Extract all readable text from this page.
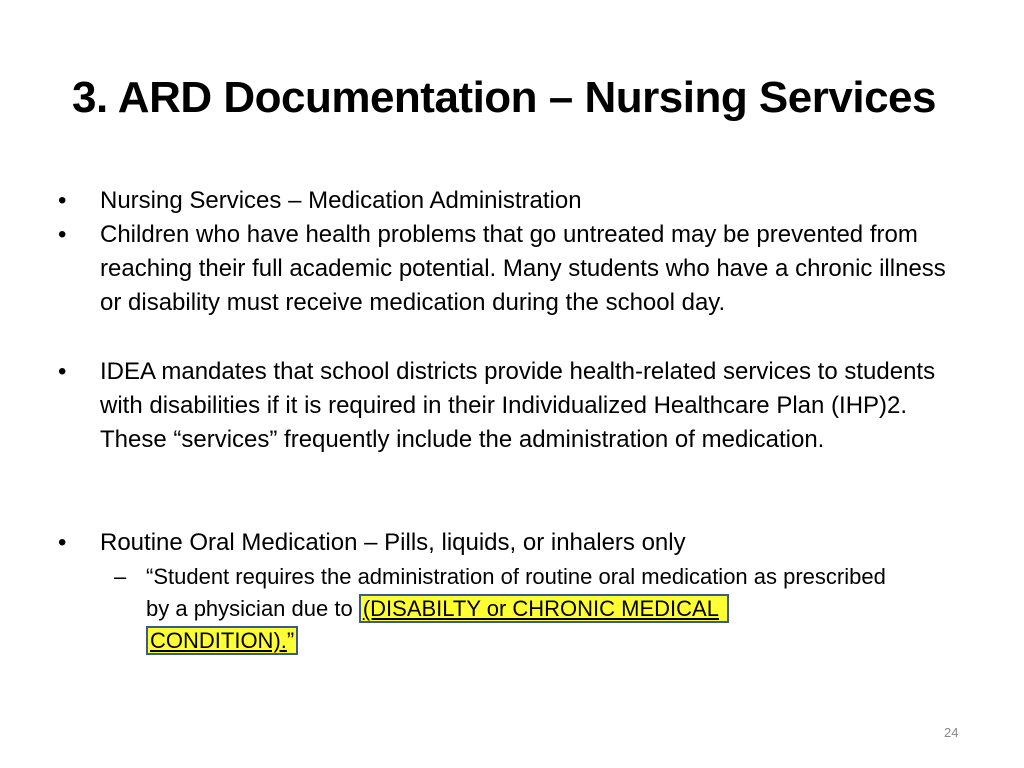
3. ARD Documentation – Nursing Services
•	Nursing Services – Medication Administration
•	Children who have health problems that go untreated may be prevented from reaching their full academic potential. Many students who have a chronic illness or disability must receive medication during the school day.
•	IDEA mandates that school districts provide health-related services to students with disabilities if it is required in their Individualized Healthcare Plan (IHP)2. These “services” frequently include the administration of medication.
•	Routine Oral Medication – Pills, liquids, or inhalers only
– “Student requires the administration of routine oral medication as prescribed by a physician due to (DISABILTY or CHRONIC MEDICAL
CONDITION).”
24
